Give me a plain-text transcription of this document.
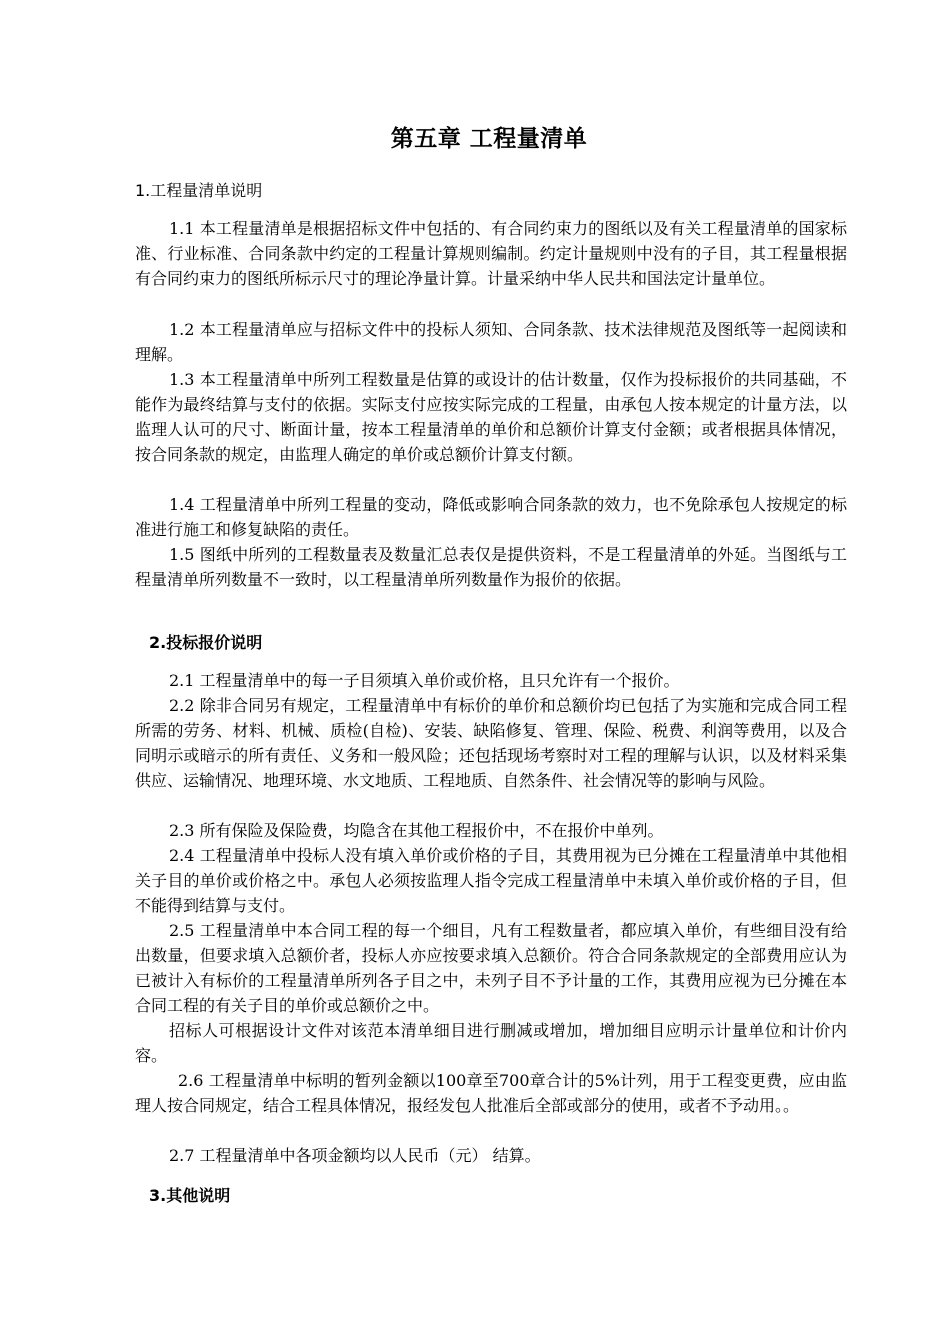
第五章 工程量清单
1.工程量清单说明
1.1 本工程量清单是根据招标文件中包括的、有合同约束力的图纸以及有关工程量清单的国家标准、行业标准、合同条款中约定的工程量计算规则编制。约定计量规则中没有的子目，其工程量根据有合同约束力的图纸所标示尺寸的理论净量计算。计量采纳中华人民共和国法定计量单位。
1.2 本工程量清单应与招标文件中的投标人须知、合同条款、技术法律规范及图纸等一起阅读和理解。
1.3 本工程量清单中所列工程数量是估算的或设计的估计数量，仅作为投标报价的共同基础，不能作为最终结算与支付的依据。实际支付应按实际完成的工程量，由承包人按本规定的计量方法，以监理人认可的尺寸、断面计量，按本工程量清单的单价和总额价计算支付金额；或者根据具体情况，按合同条款的规定，由监理人确定的单价或总额价计算支付额。
1.4 工程量清单中所列工程量的变动，降低或影响合同条款的效力，也不免除承包人按规定的标准进行施工和修复缺陷的责任。
1.5 图纸中所列的工程数量表及数量汇总表仅是提供资料，不是工程量清单的外延。当图纸与工程量清单所列数量不一致时，以工程量清单所列数量作为报价的依据。
2.投标报价说明
2.1 工程量清单中的每一子目须填入单价或价格，且只允许有一个报价。
2.2 除非合同另有规定，工程量清单中有标价的单价和总额价均已包括了为实施和完成合同工程所需的劳务、材料、机械、质检(自检)、安装、缺陷修复、管理、保险、税费、利润等费用，以及合同明示或暗示的所有责任、义务和一般风险；还包括现场考察时对工程的理解与认识，以及材料采集供应、运输情况、地理环境、水文地质、工程地质、自然条件、社会情况等的影响与风险。
2.3 所有保险及保险费，均隐含在其他工程报价中，不在报价中单列。
2.4 工程量清单中投标人没有填入单价或价格的子目，其费用视为已分摊在工程量清单中其他相关子目的单价或价格之中。承包人必须按监理人指令完成工程量清单中未填入单价或价格的子目，但不能得到结算与支付。
2.5 工程量清单中本合同工程的每一个细目，凡有工程数量者，都应填入单价，有些细目没有给出数量，但要求填入总额价者，投标人亦应按要求填入总额价。符合合同条款规定的全部费用应认为已被计入有标价的工程量清单所列各子目之中，未列子目不予计量的工作，其费用应视为已分摊在本合同工程的有关子目的单价或总额价之中。
招标人可根据设计文件对该范本清单细目进行删减或增加，增加细目应明示计量单位和计价内容。
2.6 工程量清单中标明的暂列金额以100章至700章合计的5%计列，用于工程变更费，应由监理人按合同规定，结合工程具体情况，报经发包人批准后全部或部分的使用，或者不予动用。。
2.7 工程量清单中各项金额均以人民币（元） 结算。
3.其他说明
